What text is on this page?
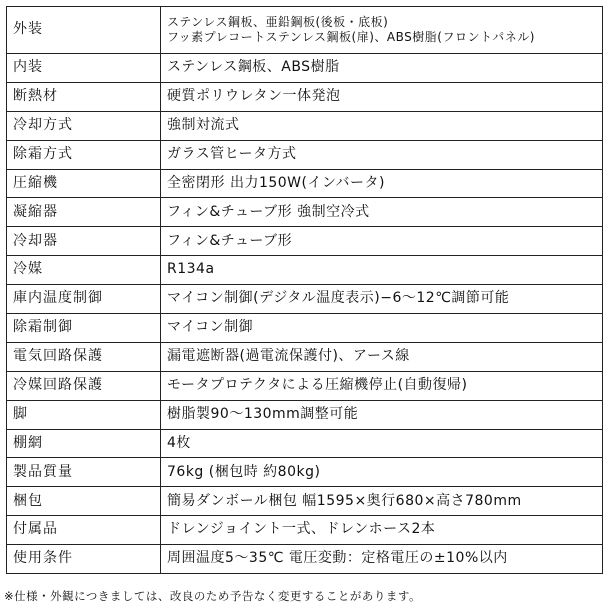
外装	ステンレス鋼板、亜鉛鋼板(後板・底板)
フッ素プレコートステンレス鋼板(扉)、ABS樹脂(フロントパネル)

内装	ステンレス鋼板、ABS樹脂

断熱材	硬質ポリウレタン一体発泡

冷却方式	強制対流式

除霜方式	ガラス管ヒータ方式

圧縮機	全密閉形 出力150W(インバータ)

凝縮器	フィン&チューブ形 強制空冷式

冷却器	フィン&チューブ形

冷媒	R134a

庫内温度制御	マイコン制御(デジタル温度表示)−6〜12℃調節可能

除霜制御	マイコン制御

電気回路保護	漏電遮断器(過電流保護付)、アース線

冷媒回路保護	モータプロテクタによる圧縮機停止(自動復帰)

脚	樹脂製90〜130mm調整可能

棚網	4枚

製品質量	76kg (梱包時 約80kg)

梱包	簡易ダンボール梱包 幅1595×奥行680×高さ780mm

付属品	ドレンジョイント一式、ドレンホース2本

使用条件	周囲温度5〜35℃ 電圧変動：定格電圧の±10%以内
※仕様・外観につきましては、改良のため予告なく変更することがあります。
